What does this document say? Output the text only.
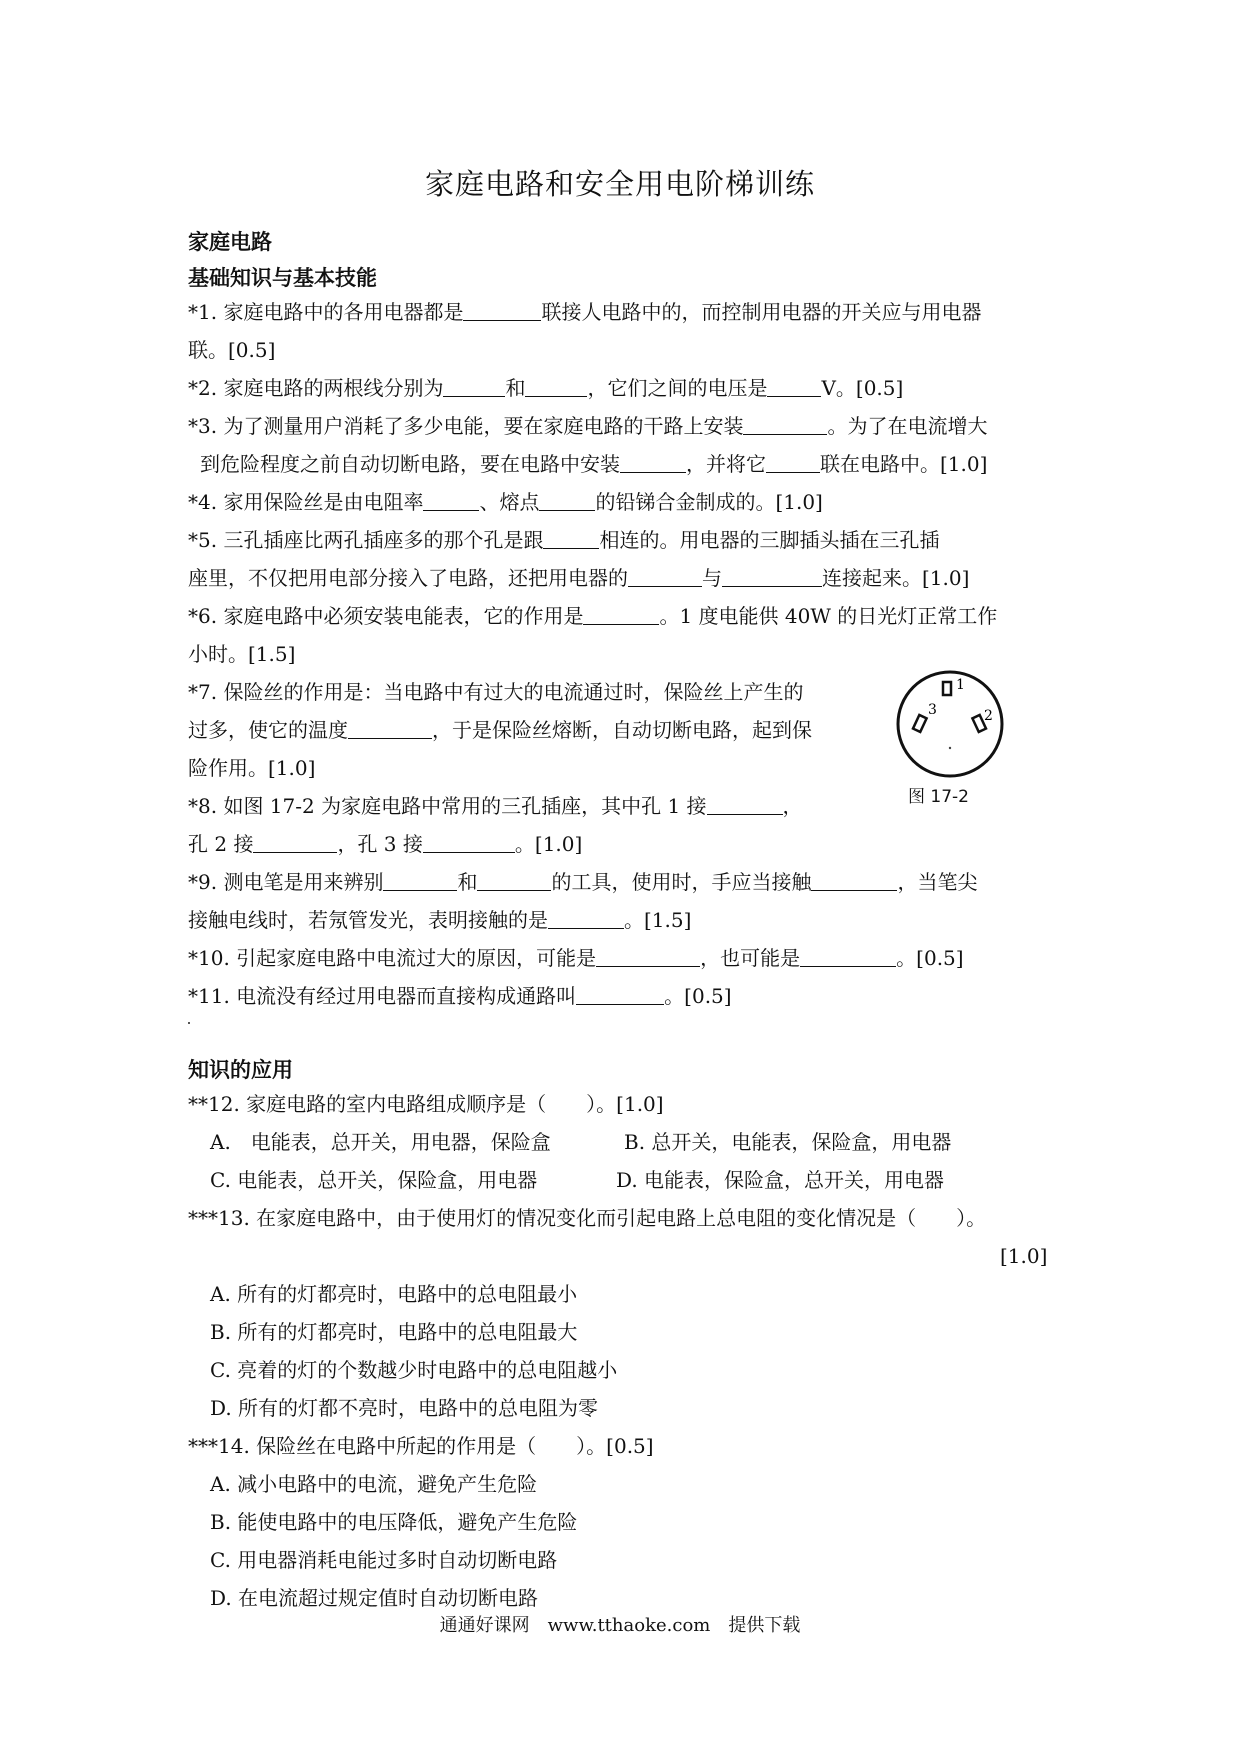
家庭电路和安全用电阶梯训练
家庭电路
基础知识与基本技能
*1. 家庭电路中的各用电器都是	联接人电路中的，而控制用电器的开关应与用电器
联。[0.5]
*2. 家庭电路的两根线分别为	和	，它们之间的电压是	V。[0.5]
*3. 为了测量用户消耗了多少电能，要在家庭电路的干路上安装	。为了在电流增大
到危险程度之前自动切断电路，要在电路中安装	，并将它	联在电路中。[1.0]
*4. 家用保险丝是由电阻率	、熔点	的铅锑合金制成的。[1.0]
*5. 三孔插座比两孔插座多的那个孔是跟	相连的。用电器的三脚插头插在三孔插
座里，不仅把用电部分接入了电路，还把用电器的	与	连接起来。[1.0]
*6. 家庭电路中必须安装电能表，它的作用是	。1 度电能供 40W 的日光灯正常工作
小时。[1.5]
*7. 保险丝的作用是：当电路中有过大的电流通过时，保险丝上产生的
过多，使它的温度	，于是保险丝熔断，自动切断电路，起到保
险作用。[1.0]
1
2
3
图 17-2
*8. 如图 17-2 为家庭电路中常用的三孔插座，其中孔 1 接	，
孔 2 接	，孔 3 接	。[1.0]
*9. 测电笔是用来辨别	和	的工具，使用时，手应当接触	，当笔尖
接触电线时，若氖管发光，表明接触的是	。[1.5]
*10. 引起家庭电路中电流过大的原因，可能是	，也可能是	。[0.5]
*11. 电流没有经过用电器而直接构成通路叫	。[0.5]
知识的应用
**12. 家庭电路的室内电路组成顺序是（　　）。[1.0]
A.　电能表，总开关，用电器，保险盒	B. 总开关，电能表，保险盒，用电器
C. 电能表，总开关，保险盒，用电器	D. 电能表，保险盒，总开关，用电器
***13. 在家庭电路中，由于使用灯的情况变化而引起电路上总电阻的变化情况是（　　）。
[1.0]
A. 所有的灯都亮时，电路中的总电阻最小
B. 所有的灯都亮时，电路中的总电阻最大
C. 亮着的灯的个数越少时电路中的总电阻越小
D. 所有的灯都不亮时，电路中的总电阻为零
***14. 保险丝在电路中所起的作用是（　　）。[0.5]
A. 减小电路中的电流，避免产生危险
B. 能使电路中的电压降低，避免产生危险
C. 用电器消耗电能过多时自动切断电路
D. 在电流超过规定值时自动切断电路
通通好课网　www.tthaoke.com　提供下载
